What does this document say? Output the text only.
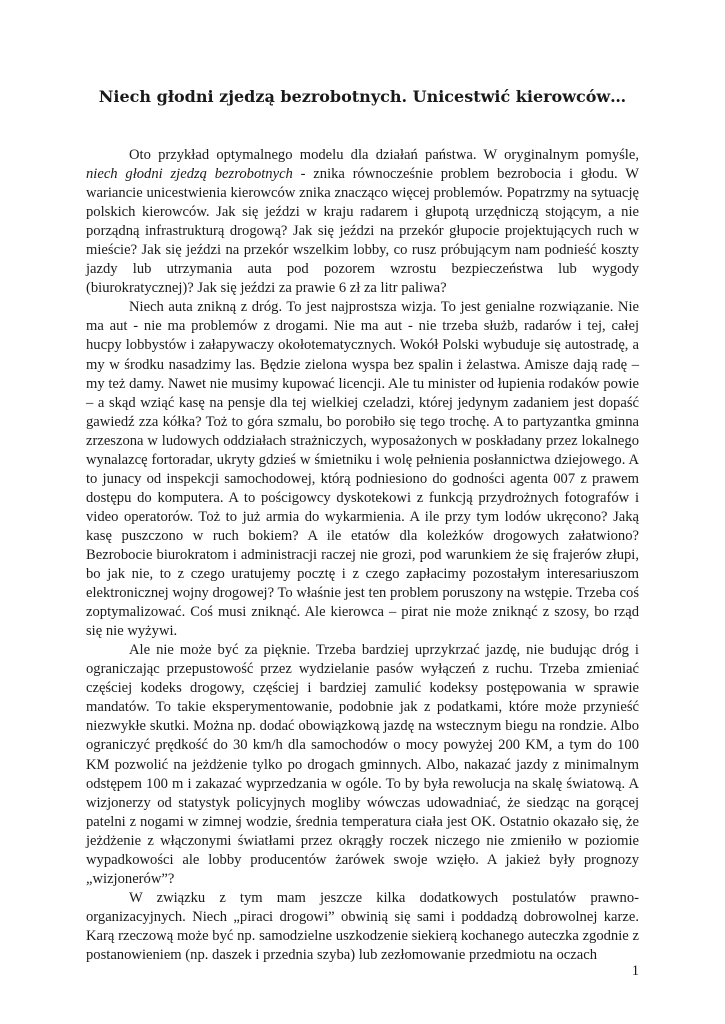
Niech głodni zjedzą bezrobotnych. Unicestwić kierowców…

Oto przykład optymalnego modelu dla działań państwa. W oryginalnym pomyśle, niech głodni zjedzą bezrobotnych - znika równocześnie problem bezrobocia i głodu. W wariancie unicestwienia kierowców znika znacząco więcej problemów. Popatrzmy na sytuację polskich kierowców. Jak się jeździ w kraju radarem i głupotą urzędniczą stojącym, a nie porządną infrastrukturą drogową? Jak się jeździ na przekór głupocie projektujących ruch w mieście? Jak się jeździ na przekór wszelkim lobby, co rusz próbującym nam podnieść koszty jazdy lub utrzymania auta pod pozorem wzrostu bezpieczeństwa lub wygody (biurokratycznej)? Jak się jeździ za prawie 6 zł za litr paliwa?

Niech auta znikną z dróg. To jest najprostsza wizja. To jest genialne rozwiązanie. Nie ma aut - nie ma problemów z drogami. Nie ma aut - nie trzeba służb, radarów i tej, całej hucpy lobbystów i załapywaczy okołotematycznych. Wokół Polski wybuduje się autostradę, a my w środku nasadzimy las. Będzie zielona wyspa bez spalin i żelastwa. Amisze dają radę – my też damy. Nawet nie musimy kupować licencji. Ale tu minister od łupienia rodaków powie – a skąd wziąć kasę na pensje dla tej wielkiej czeladzi, której jedynym zadaniem jest dopaść gawiedź zza kółka? Toż to góra szmalu, bo porobiło się tego trochę. A to partyzantka gminna zrzeszona w ludowych oddziałach strażniczych, wyposażonych w poskładany przez lokalnego wynalazcę fortoradar, ukryty gdzieś w śmietniku i wolę pełnienia posłannictwa dziejowego. A to junacy od inspekcji samochodowej, którą podniesiono do godności agenta 007 z prawem dostępu do komputera. A to pościgowcy dyskotekowi z funkcją przydrożnych fotografów i video operatorów. Toż to już armia do wykarmienia. A ile przy tym lodów ukręcono? Jaką kasę puszczono w ruch bokiem? A ile etatów dla koleżków drogowych załatwiono? Bezrobocie biurokratom i administracji raczej nie grozi, pod warunkiem że się frajerów złupi, bo jak nie, to z czego uratujemy pocztę i z czego zapłacimy pozostałym interesariuszom elektronicznej wojny drogowej? To właśnie jest ten problem poruszony na wstępie. Trzeba coś zoptymalizować. Coś musi zniknąć. Ale kierowca – pirat nie może zniknąć z szosy, bo rząd się nie wyżywi.

Ale nie może być za pięknie. Trzeba bardziej uprzykrzać jazdę, nie budując dróg i ograniczając przepustowość przez wydzielanie pasów wyłączeń z ruchu. Trzeba zmieniać częściej kodeks drogowy, częściej i bardziej zamulić kodeksy postępowania w sprawie mandatów. To takie eksperymentowanie, podobnie jak z podatkami, które może przynieść niezwykłe skutki. Można np. dodać obowiązkową jazdę na wstecznym biegu na rondzie. Albo ograniczyć prędkość do 30 km/h dla samochodów o mocy powyżej 200 KM, a tym do 100 KM pozwolić na jeżdżenie tylko po drogach gminnych. Albo, nakazać jazdy z minimalnym odstępem 100 m i zakazać wyprzedzania w ogóle. To by była rewolucja na skalę światową. A wizjonerzy od statystyk policyjnych mogliby wówczas udowadniać, że siedząc na gorącej patelni z nogami w zimnej wodzie, średnia temperatura ciała jest OK. Ostatnio okazało się, że jeżdżenie z włączonymi światłami przez okrągły roczek niczego nie zmieniło w poziomie wypadkowości ale lobby producentów żarówek swoje wzięło. A jakież były prognozy „wizjonerów”?

W związku z tym mam jeszcze kilka dodatkowych postulatów prawno-organizacyjnych. Niech „piraci drogowi” obwinią się sami i poddadzą dobrowolnej karze. Karą rzeczową może być np. samodzielne uszkodzenie siekierą kochanego auteczka zgodnie z postanowieniem (np. daszek i przednia szyba) lub zezłomowanie przedmiotu na oczach

1
